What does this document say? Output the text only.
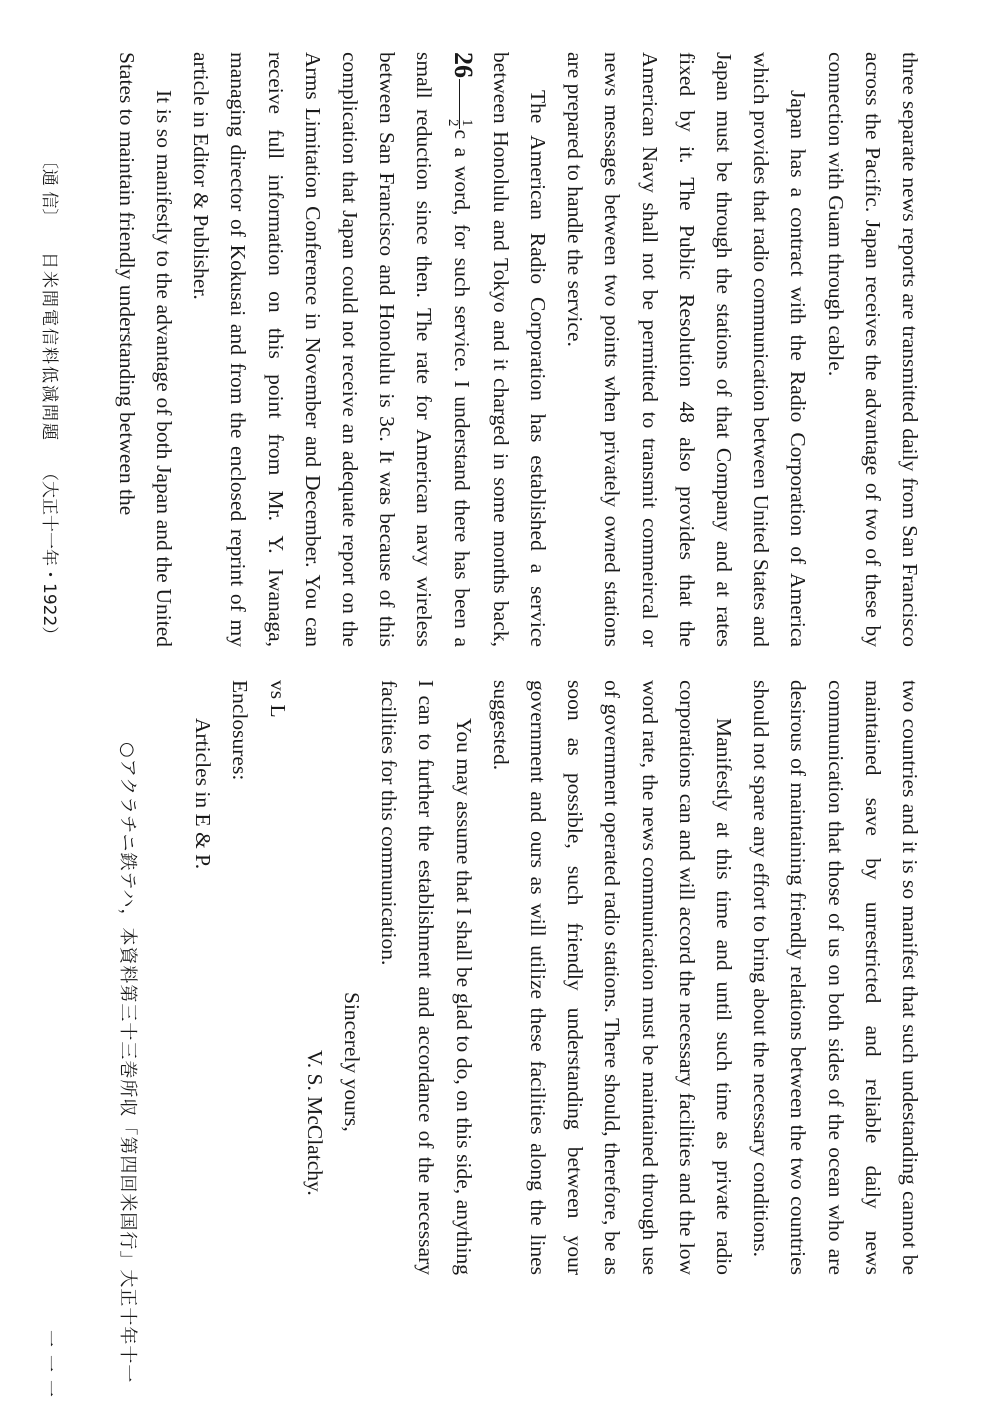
three separate news reports are transmitted daily from San Francisco across the Pacific. Japan receives the advantage of two of these by connection with Guam through cable.

Japan has a contract with the Radio Corporation of America which provides that radio communication between United States and Japan must be through the stations of that Company and at rates fixed by it. The Public Resolution 48 also provides that the American Navy shall not be permitted to transmit commeircal or news messages between two points when privately owned stations are prepared to handle the service.

The American Radio Corporation has established a service between Honolulu and Tokyo and it charged in some months back, 26
1
2
c a word, for such service. I understand there has been a small reduction since then. The rate for American navy wireless between San Francisco and Honolulu is 3c. It was because of this complication that Japan could not receive an adequate report on the Arms Limitation Conference in November and December. You can receive full information on this point from Mr. Y. Iwanaga, managing director of Kokusai and from the enclosed reprint of my article in Editor & Publisher.

It is so manifestly to the advantage of both Japan and the United States to maintain friendly understanding between the

two countries and it is so manifest that such undestanding cannot be maintained save by unrestricted and reliable daily news communication that those of us on both sides of the ocean who are desirous of maintaining friendly relations between the two countries should not spare any effort to bring about the necessary conditions.

Manifestly at this time and until such time as private radio corporations can and will accord the necessary facilities and the low word rate, the news communication must be maintained through use of government operated radio stations. There should, therefore, be as soon as possible, such friendly understanding between your government and ours as will utilize these facilities along the lines suggested.

You may assume that I shall be glad to do, on this side, anything I can to further the establishment and accordance of the necessary facilities for this communication.

Sincerely yours,

V. S. McClatchy.

vs L

Enclosures:

Articles in E & P.

○アクラチニ鉄テハ，本資料第三十三巻所収「第四回米国行」大正十年十一
〔通 信〕
日米間電信料低減問題
（大正十一年・1922）
一一一
